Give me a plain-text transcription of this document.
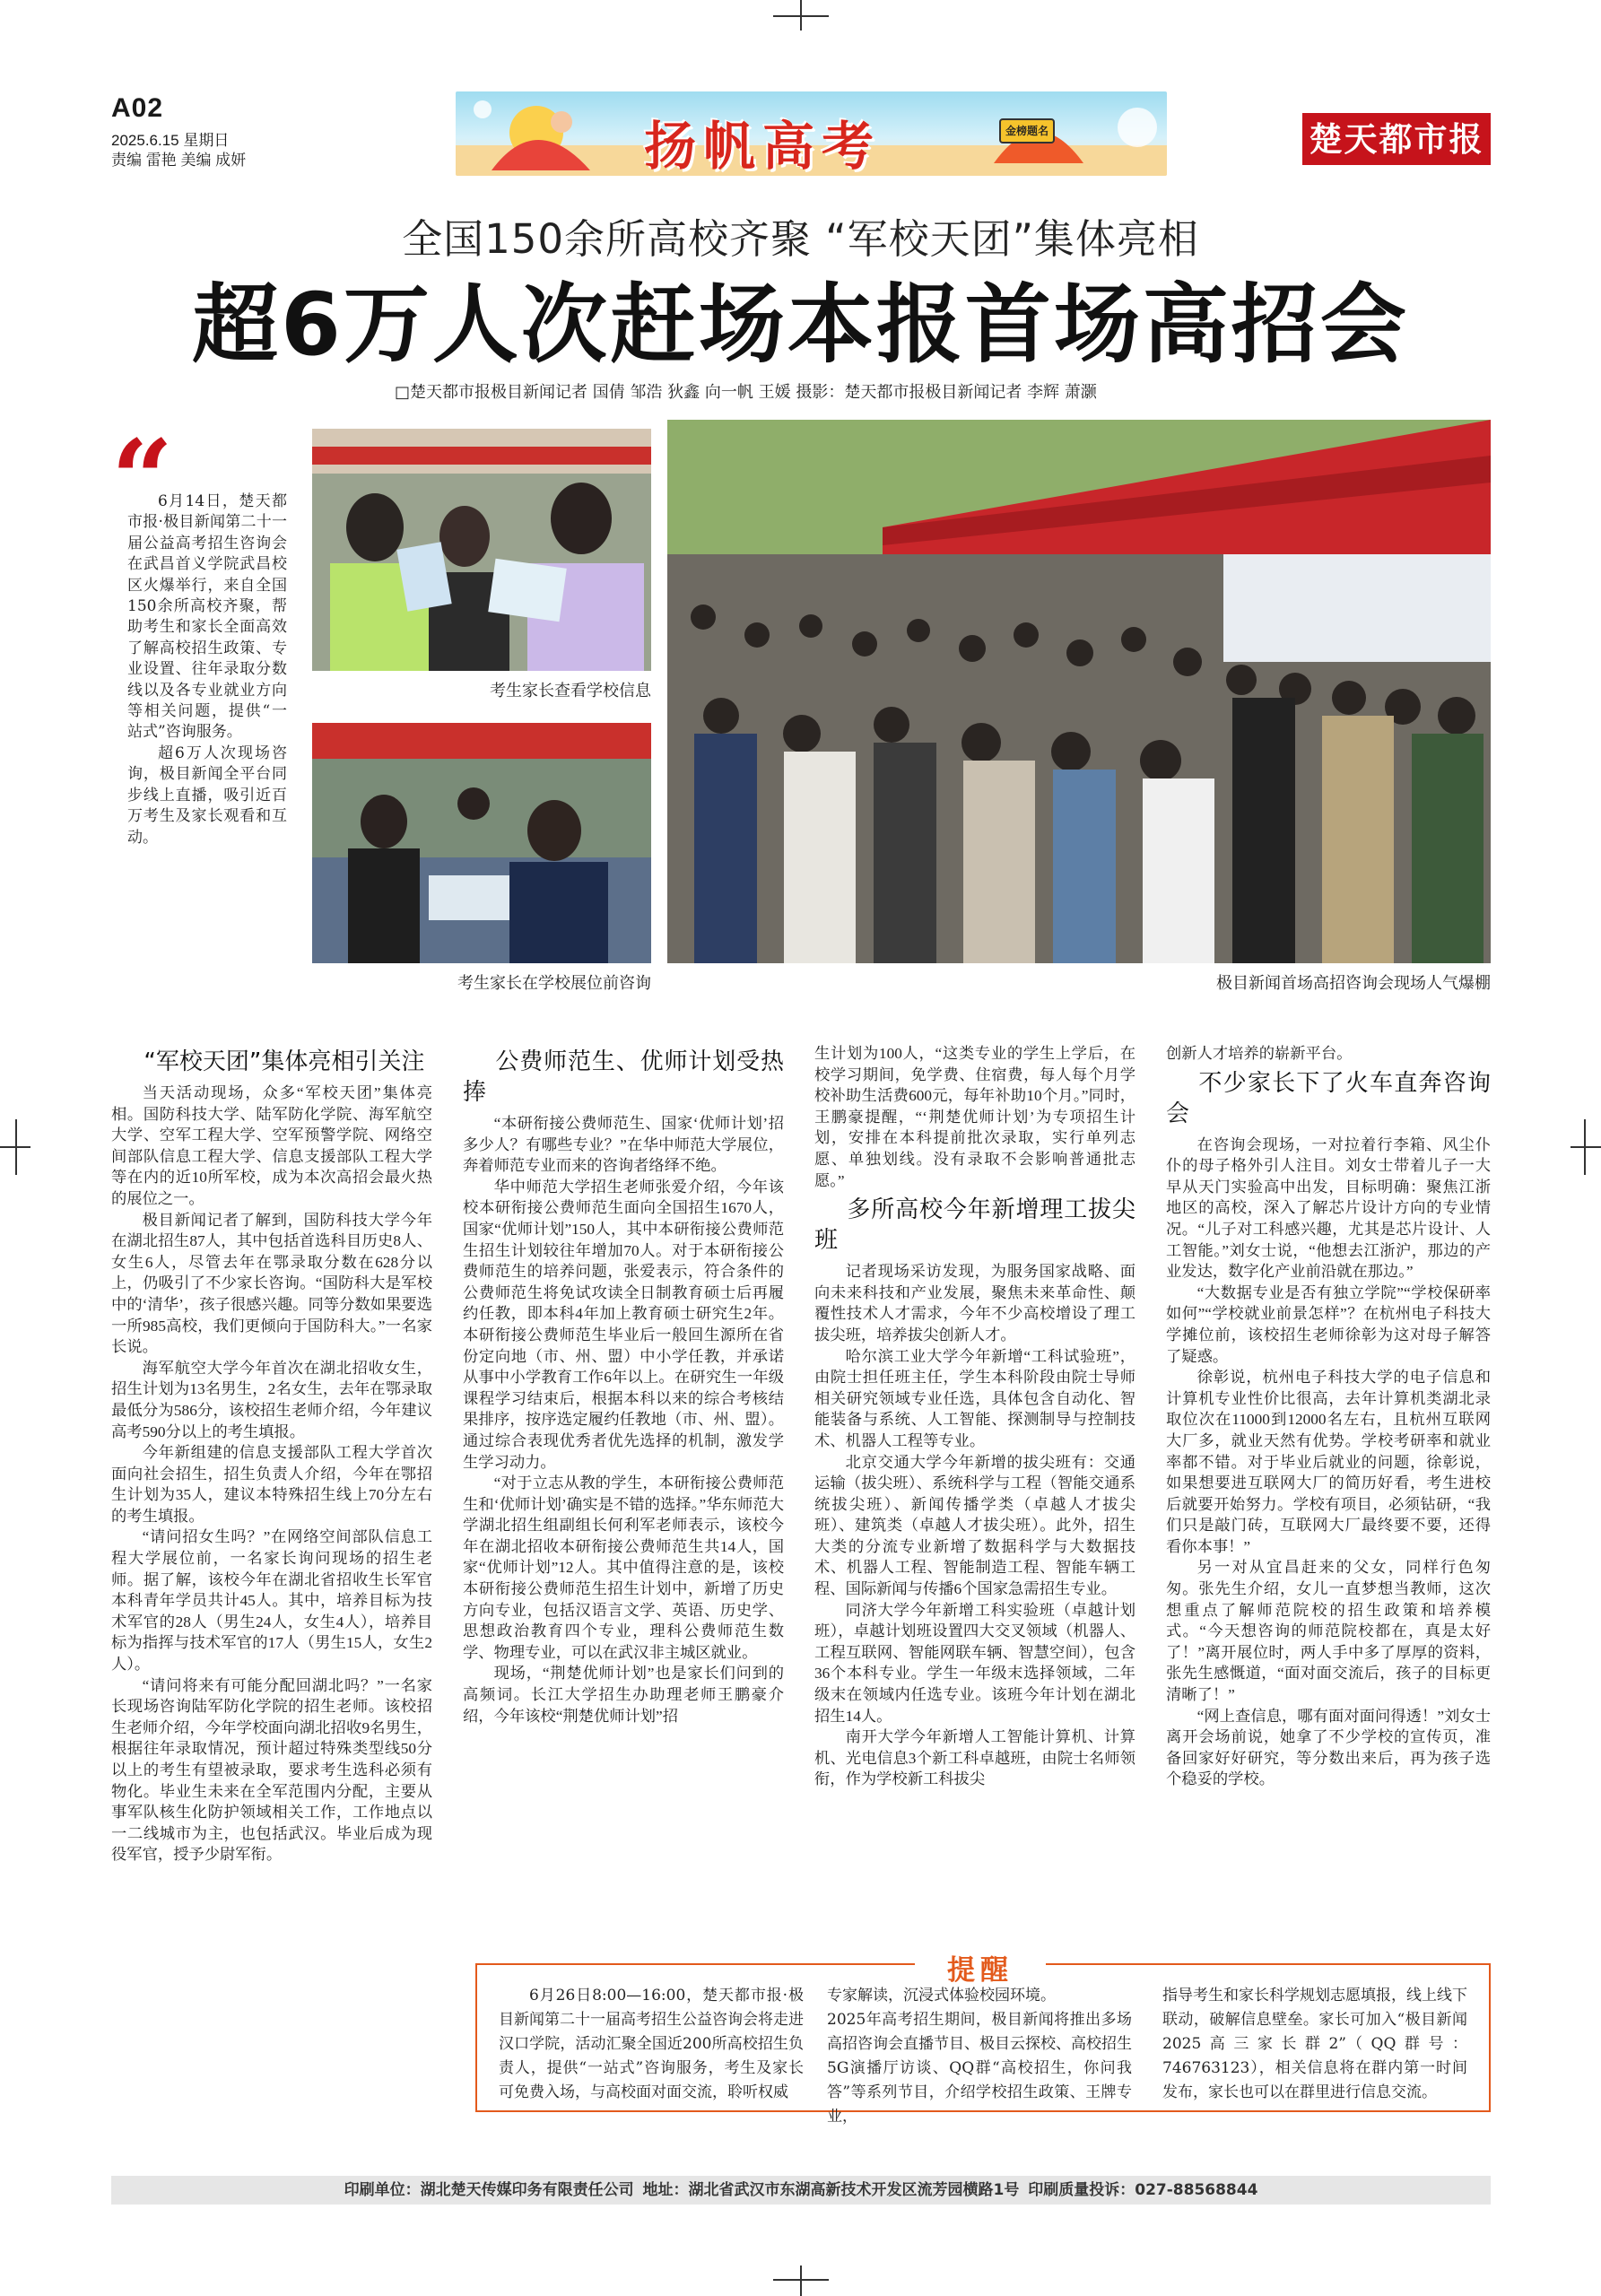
A02
2025.6.15 星期日
责编 雷艳 美编 成妍	扬帆高考	金榜题名	楚天都市报
全国150余所高校齐聚 “军校天团”集体亮相
超6万人次赶场本报首场高招会
□楚天都市报极目新闻记者 国倩 邹浩 狄鑫 向一帆 王媛 摄影：楚天都市报极目新闻记者 李辉 萧灏
“

6月14日，楚天都市报·极目新闻第二十一届公益高考招生咨询会在武昌首义学院武昌校区火爆举行，来自全国150余所高校齐聚，帮助考生和家长全面高效了解高校招生政策、专业设置、往年录取分数线以及各专业就业方向等相关问题，提供“一站式”咨询服务。

超6万人次现场咨询，极目新闻全平台同步线上直播，吸引近百万考生及家长观看和互动。

考生家长查看学校信息
考生家长在学校展位前咨询	极目新闻首场高招咨询会现场人气爆棚
“军校天团”集体亮相引关注

当天活动现场，众多“军校天团”集体亮相。国防科技大学、陆军防化学院、海军航空大学、空军工程大学、空军预警学院、网络空间部队信息工程大学、信息支援部队工程大学等在内的近10所军校，成为本次高招会最火热的展位之一。

极目新闻记者了解到，国防科技大学今年在湖北招生87人，其中包括首选科目历史8人、女生6人，尽管去年在鄂录取分数在628分以上，仍吸引了不少家长咨询。“国防科大是军校中的‘清华’，孩子很感兴趣。同等分数如果要选一所985高校，我们更倾向于国防科大。”一名家长说。

海军航空大学今年首次在湖北招收女生，招生计划为13名男生，2名女生，去年在鄂录取最低分为586分，该校招生老师介绍，今年建议高考590分以上的考生填报。

今年新组建的信息支援部队工程大学首次面向社会招生，招生负责人介绍，今年在鄂招生计划为35人，建议本特殊招生线上70分左右的考生填报。

“请问招女生吗？”在网络空间部队信息工程大学展位前，一名家长询问现场的招生老师。据了解，该校今年在湖北省招收生长军官本科青年学员共计45人。其中，培养目标为技术军官的28人（男生24人，女生4人），培养目标为指挥与技术军官的17人（男生15人，女生2人）。

“请问将来有可能分配回湖北吗？”一名家长现场咨询陆军防化学院的招生老师。该校招生老师介绍，今年学校面向湖北招收9名男生，根据往年录取情况，预计超过特殊类型线50分以上的考生有望被录取，要求考生选科必须有物化。毕业生未来在全军范围内分配，主要从事军队核生化防护领域相关工作，工作地点以一二线城市为主，也包括武汉。毕业后成为现役军官，授予少尉军衔。

公费师范生、优师计划受热捧

“本研衔接公费师范生、国家‘优师计划’招多少人？有哪些专业？”在华中师范大学展位，奔着师范专业而来的咨询者络绎不绝。

华中师范大学招生老师张爱介绍，今年该校本研衔接公费师范生面向全国招生1670人，国家“优师计划”150人，其中本研衔接公费师范生招生计划较往年增加70人。对于本研衔接公费师范生的培养问题，张爱表示，符合条件的公费师范生将免试攻读全日制教育硕士后再履约任教，即本科4年加上教育硕士研究生2年。本研衔接公费师范生毕业后一般回生源所在省份定向地（市、州、盟）中小学任教，并承诺从事中小学教育工作6年以上。在研究生一年级课程学习结束后，根据本科以来的综合考核结果排序，按序选定履约任教地（市、州、盟）。通过综合表现优秀者优先选择的机制，激发学生学习动力。

“对于立志从教的学生，本研衔接公费师范生和‘优师计划’确实是不错的选择。”华东师范大学湖北招生组副组长何利军老师表示，该校今年在湖北招收本研衔接公费师范生共14人，国家“优师计划”12人。其中值得注意的是，该校本研衔接公费师范生招生计划中，新增了历史方向专业，包括汉语言文学、英语、历史学、思想政治教育四个专业，理科公费师范生数学、物理专业，可以在武汉非主城区就业。

现场，“荆楚优师计划”也是家长们问到的高频词。长江大学招生办助理老师王鹏豪介绍，今年该校“荆楚优师计划”招

生计划为100人，“这类专业的学生上学后，在校学习期间，免学费、住宿费，每人每个月学校补助生活费600元，每年补助10个月。”同时，王鹏豪提醒，“‘荆楚优师计划’为专项招生计划，安排在本科提前批次录取，实行单列志愿、单独划线。没有录取不会影响普通批志愿。”

多所高校今年新增理工拔尖班

记者现场采访发现，为服务国家战略、面向未来科技和产业发展，聚焦未来革命性、颠覆性技术人才需求，今年不少高校增设了理工拔尖班，培养拔尖创新人才。

哈尔滨工业大学今年新增“工科试验班”，由院士担任班主任，学生本科阶段由院士导师相关研究领域专业任选，具体包含自动化、智能装备与系统、人工智能、探测制导与控制技术、机器人工程等专业。

北京交通大学今年新增的拔尖班有：交通运输（拔尖班）、系统科学与工程（智能交通系统拔尖班）、新闻传播学类（卓越人才拔尖班）、建筑类（卓越人才拔尖班）。此外，招生大类的分流专业新增了数据科学与大数据技术、机器人工程、智能制造工程、智能车辆工程、国际新闻与传播6个国家急需招生专业。

同济大学今年新增工科实验班（卓越计划班），卓越计划班设置四大交叉领域（机器人、工程互联网、智能网联车辆、智慧空间），包含36个本科专业。学生一年级末选择领域，二年级末在领域内任选专业。该班今年计划在湖北招生14人。

南开大学今年新增人工智能计算机、计算机、光电信息3个新工科卓越班，由院士名师领衔，作为学校新工科拔尖

创新人才培养的崭新平台。

不少家长下了火车直奔咨询会

在咨询会现场，一对拉着行李箱、风尘仆仆的母子格外引人注目。刘女士带着儿子一大早从天门实验高中出发，目标明确：聚焦江浙地区的高校，深入了解芯片设计方向的专业情况。“儿子对工科感兴趣，尤其是芯片设计、人工智能。”刘女士说，“他想去江浙沪，那边的产业发达，数字化产业前沿就在那边。”

“大数据专业是否有独立学院”“学校保研率如何”“学校就业前景怎样”？在杭州电子科技大学摊位前，该校招生老师徐彰为这对母子解答了疑惑。

徐彰说，杭州电子科技大学的电子信息和计算机专业性价比很高，去年计算机类湖北录取位次在11000到12000名左右，且杭州互联网大厂多，就业天然有优势。学校考研率和就业率都不错。对于毕业后就业的问题，徐彰说，如果想要进互联网大厂的简历好看，考生进校后就要开始努力。学校有项目，必须钻研，“我们只是敲门砖，互联网大厂最终要不要，还得看你本事！”

另一对从宜昌赶来的父女，同样行色匆匆。张先生介绍，女儿一直梦想当教师，这次想重点了解师范院校的招生政策和培养模式。“今天想咨询的师范院校都在，真是太好了！”离开展位时，两人手中多了厚厚的资料，张先生感慨道，“面对面交流后，孩子的目标更清晰了！”

“网上查信息，哪有面对面问得透！”刘女士离开会场前说，她拿了不少学校的宣传页，准备回家好好研究，等分数出来后，再为孩子选个稳妥的学校。

提醒
6月26日8:00—16:00，楚天都市报·极目新闻第二十一届高考招生公益咨询会将走进汉口学院，活动汇聚全国近200所高校招生负责人，提供“一站式”咨询服务，考生及家长可免费入场，与高校面对面交流，聆听权威
专家解读，沉浸式体验校园环境。
2025年高考招生期间，极目新闻将推出多场高招咨询会直播节目、极目云探校、高校招生5G演播厅访谈、QQ群“高校招生，你问我答”等系列节目，介绍学校招生政策、王牌专业，
指导考生和家长科学规划志愿填报，线上线下联动，破解信息壁垒。家长可加入“极目新闻2025高三家长群2”（QQ群号：746763123），相关信息将在群内第一时间发布，家长也可以在群里进行信息交流。
印刷单位：湖北楚天传媒印务有限责任公司 地址：湖北省武汉市东湖高新技术开发区流芳园横路1号 印刷质量投诉：027-88568844
